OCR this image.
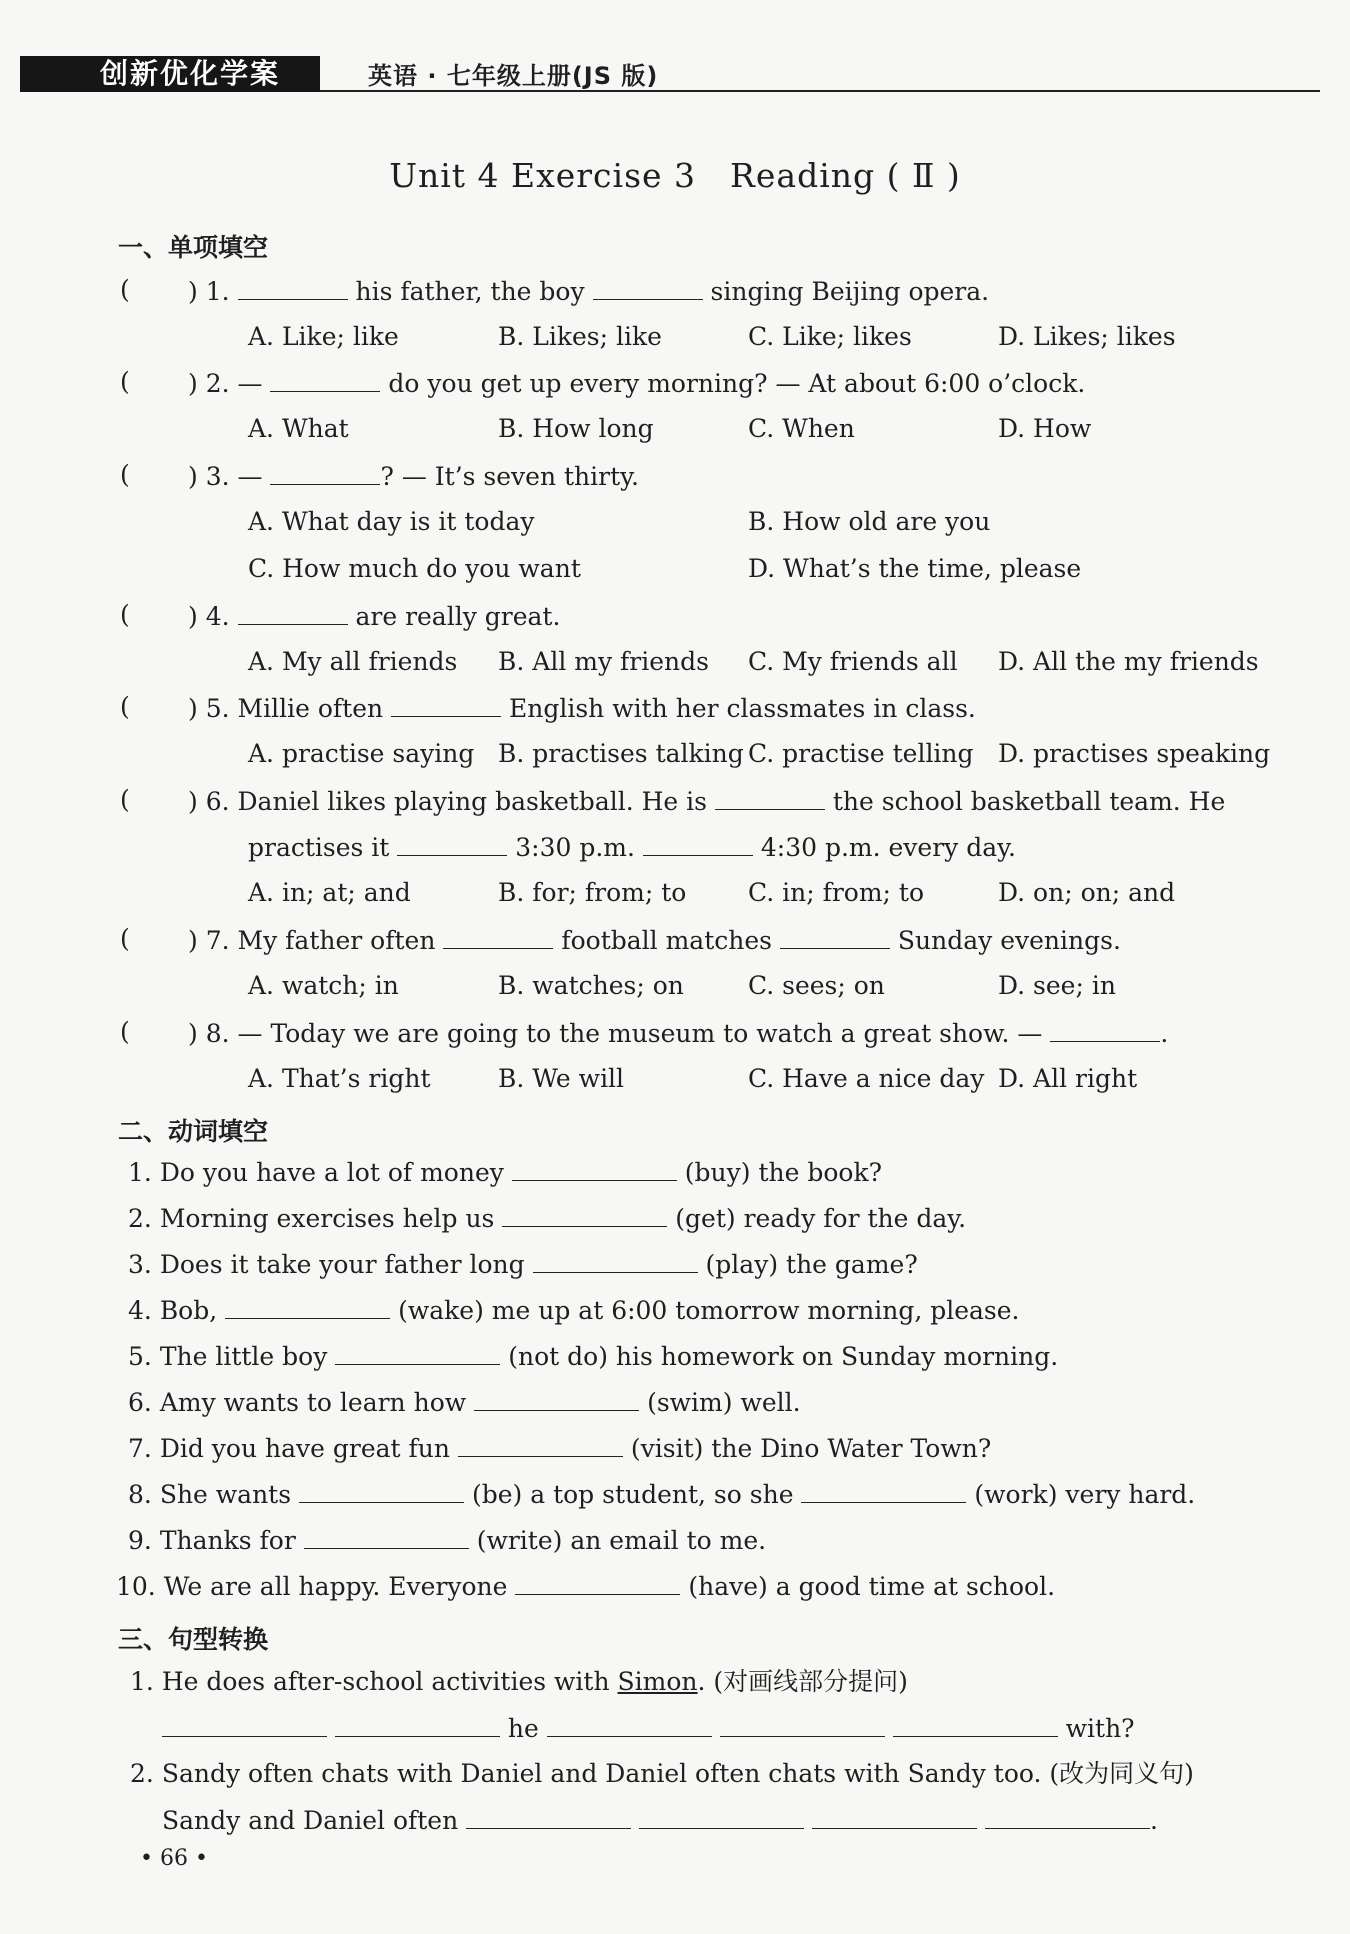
创新优化学案	英语 · 七年级上册(JS 版)
Unit 4 Exercise 3　Reading ( Ⅱ )
一、单项填空
( ) 1.	his father, the boy	singing Beijing opera.
A. Like; like	B. Likes; like	C. Like; likes	D. Likes; likes
( ) 2. —	do you get up every morning? — At about 6:00 o’clock.
A. What	B. How long	C. When	D. How
( ) 3. —	? — It’s seven thirty.
A. What day is it today	B. How old are you
C. How much do you want	D. What’s the time, please
( ) 4.	are really great.
A. My all friends B. All my friends C. My friends all D. All the my friends
( ) 5. Millie often	English with her classmates in class.
A. practise saying B. practises talking C. practise telling D. practises speaking
( ) 6. Daniel likes playing basketball. He is	the school basketball team. He
practises it	3:30 p.m.	4:30 p.m. every day.
A. in; at; and	B. for; from; to C. in; from; to	D. on; on; and
( ) 7. My father often	football matches	Sunday evenings.
A. watch; in	B. watches; on	C. sees; on	D. see; in
( ) 8. — Today we are going to the museum to watch a great show. —	.
A. That’s right	B. We will	C. Have a nice day D. All right
二、动词填空
1. Do you have a lot of money	(buy) the book?
2. Morning exercises help us	(get) ready for the day.
3. Does it take your father long	(play) the game?
4. Bob,	(wake) me up at 6:00 tomorrow morning, please.
5. The little boy	(not do) his homework on Sunday morning.
6. Amy wants to learn how	(swim) well.
7. Did you have great fun	(visit) the Dino Water Town?
8. She wants	(be) a top student, so she	(work) very hard.
9. Thanks for	(write) an email to me.
10. We are all happy. Everyone	(have) a good time at school.
三、句型转换
1. He does after-school activities with Simon. (对画线部分提问)
he	with?
2. Sandy often chats with Daniel and Daniel often chats with Sandy too. (改为同义句)
Sandy and Daniel often	.
• 66 •
